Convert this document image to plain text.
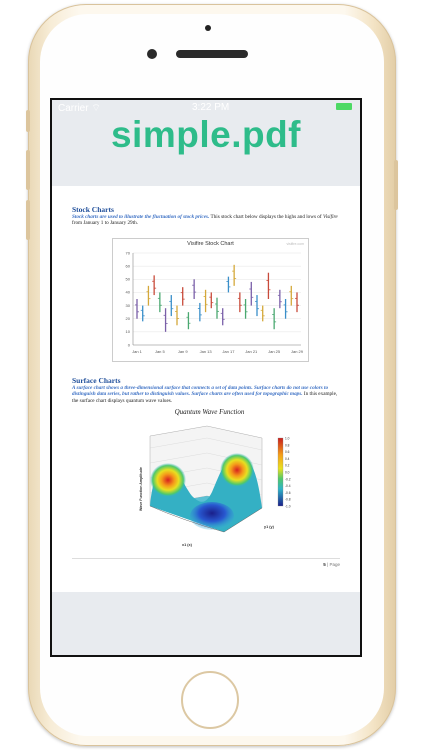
Carrier ⌔	3:22 PM
simple.pdf
Stock Charts
Stock charts are used to illustrate the fluctuation of stock prices. This stock chart below displays the highs and lows of Visifire from January 1 to January 29th.
Visifire Stock Chart	visifire.com
70
60
50
40
30
20
10
0
Jan 1	Jan 5	Jan 9	Jan 13	Jan 17	Jan 21	Jan 25	Jan 29
Surface Charts
A surface chart shows a three-dimensional surface that connects a set of data points. Surface charts do not use colors to distinguish data series, but rather to distinguish values. Surface charts are often used for topographic maps. In this example, the surface chart displays quantum wave values.
Quantum Wave Function
Wave Function Amplitude
x1 (x)
y1 (y)
1.0
0.8
0.6
0.4
0.2
0.0
-0.2
-0.4
-0.6
-0.8
-1.0
5 | Page
